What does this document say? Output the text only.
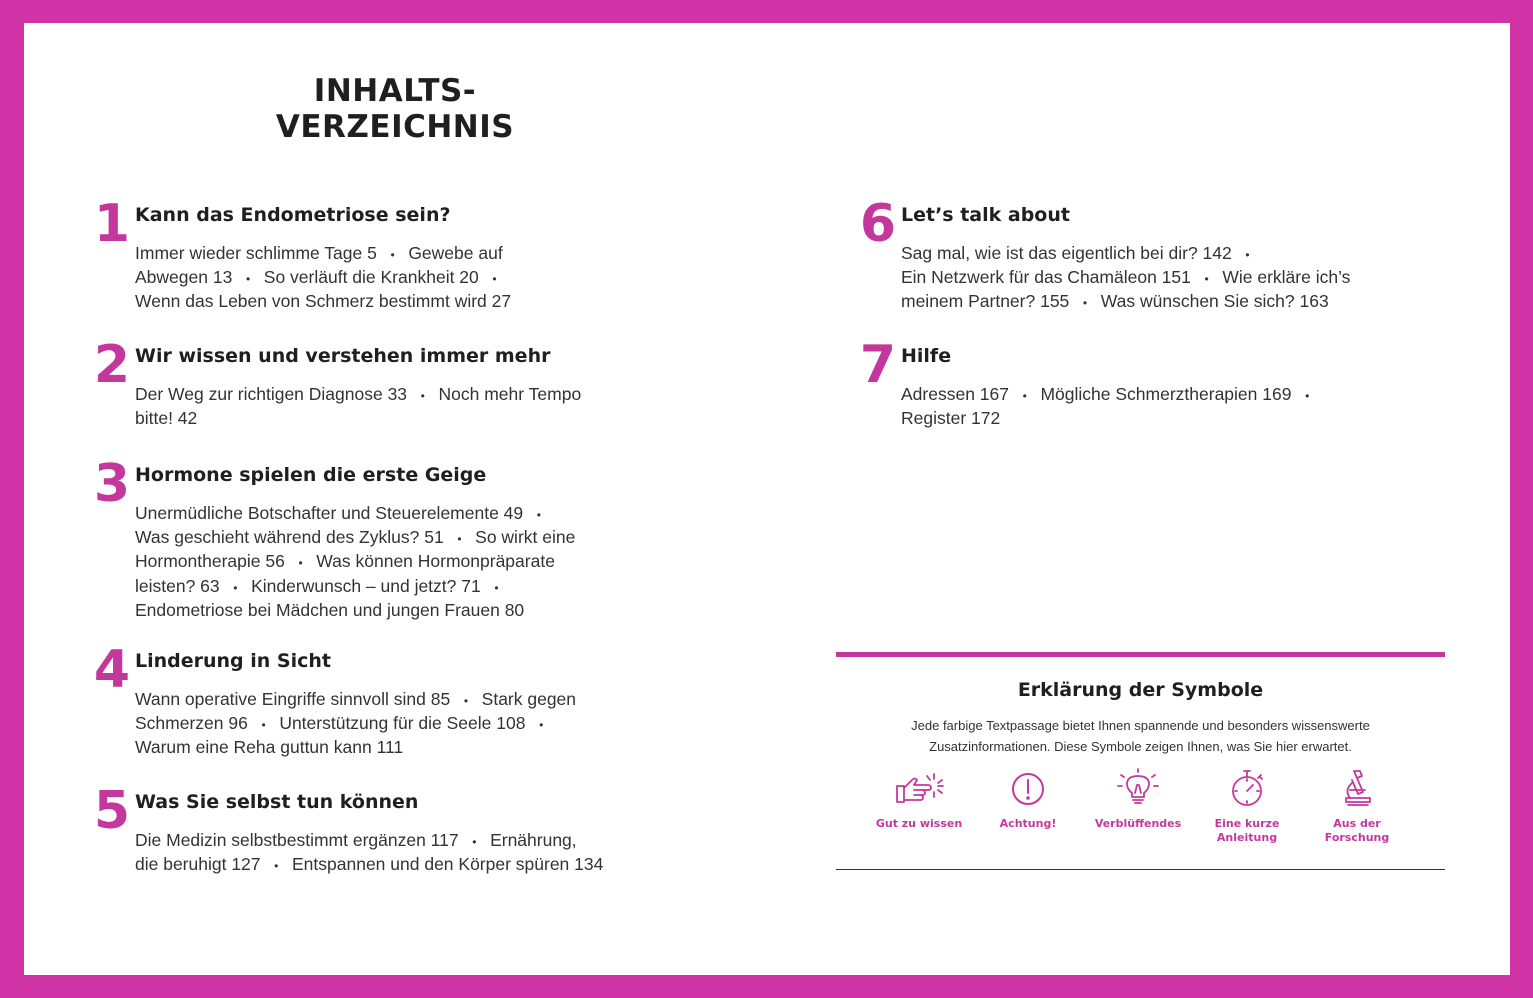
INHALTS-
VERZEICHNIS
1 Kann das Endometriose sein?
Immer wieder schlimme Tage 5 • Gewebe auf
Abwegen 13 • So verläuft die Krankheit 20 •
Wenn das Leben von Schmerz bestimmt wird 27
2 Wir wissen und verstehen immer mehr
Der Weg zur richtigen Diagnose 33 • Noch mehr Tempo
bitte! 42
3 Hormone spielen die erste Geige
Unermüdliche Botschafter und Steuerelemente 49 •
Was geschieht während des Zyklus? 51 • So wirkt eine
Hormontherapie 56 • Was können Hormonpräparate
leisten? 63 • Kinderwunsch – und jetzt? 71 •
Endometriose bei Mädchen und jungen Frauen 80
4 Linderung in Sicht
Wann operative Eingriffe sinnvoll sind 85 • Stark gegen
Schmerzen 96 • Unterstützung für die Seele 108 •
Warum eine Reha guttun kann 111
5 Was Sie selbst tun können
Die Medizin selbstbestimmt ergänzen 117 • Ernährung,
die beruhigt 127 • Entspannen und den Körper spüren 134
6 Let’s talk about
Sag mal, wie ist das eigentlich bei dir? 142 •
Ein Netzwerk für das Chamäleon 151 • Wie erkläre ich’s
meinem Partner? 155 • Was wünschen Sie sich? 163
7 Hilfe
Adressen 167 • Mögliche Schmerztherapien 169 •
Register 172
Erklärung der Symbole
Jede farbige Textpassage bietet Ihnen spannende und besonders wissenswerte
Zusatzinformationen. Diese Symbole zeigen Ihnen, was Sie hier erwartet.
Gut zu wissen	Achtung!	Verblüffendes	Eine kurze
Anleitung
Aus der
Forschung
